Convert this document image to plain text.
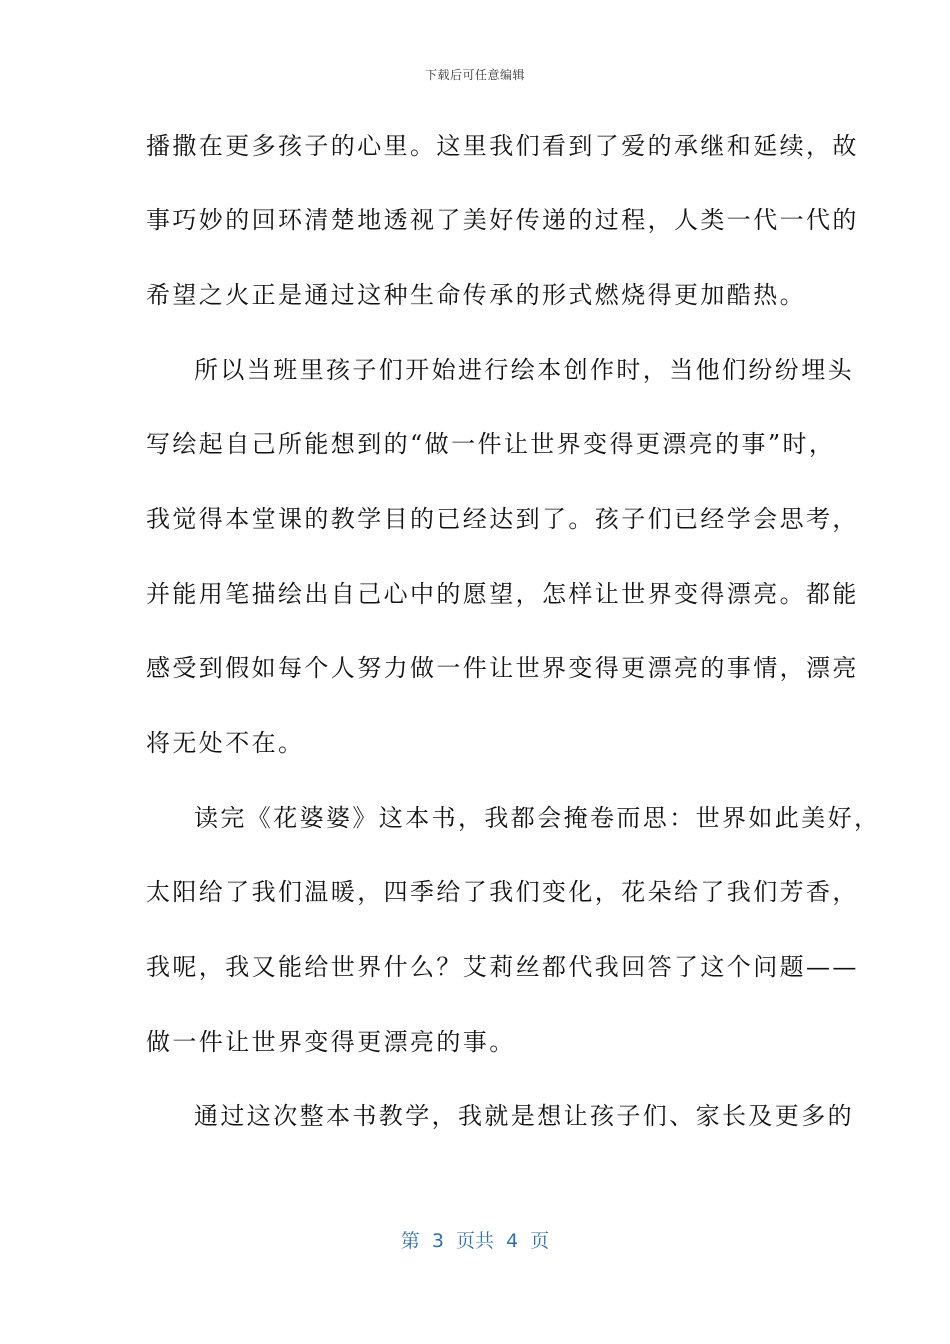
下载后可任意编辑
播撒在更多孩子的心里。这里我们看到了爱的承继和延续，故
事巧妙的回环清楚地透视了美好传递的过程，人类一代一代的
希望之火正是通过这种生命传承的形式燃烧得更加酷热。
所以当班里孩子们开始进行绘本创作时，当他们纷纷埋头
写绘起自己所能想到的“做一件让世界变得更漂亮的事”时，
我觉得本堂课的教学目的已经达到了。孩子们已经学会思考，
并能用笔描绘出自己心中的愿望，怎样让世界变得漂亮。都能
感受到假如每个人努力做一件让世界变得更漂亮的事情，漂亮
将无处不在。
读完《花婆婆》这本书，我都会掩卷而思：世界如此美好，
太阳给了我们温暖，四季给了我们变化，花朵给了我们芳香，
我呢，我又能给世界什么？艾莉丝都代我回答了这个问题——
做一件让世界变得更漂亮的事。
通过这次整本书教学，我就是想让孩子们、家长及更多的
第  3  页共  4  页
